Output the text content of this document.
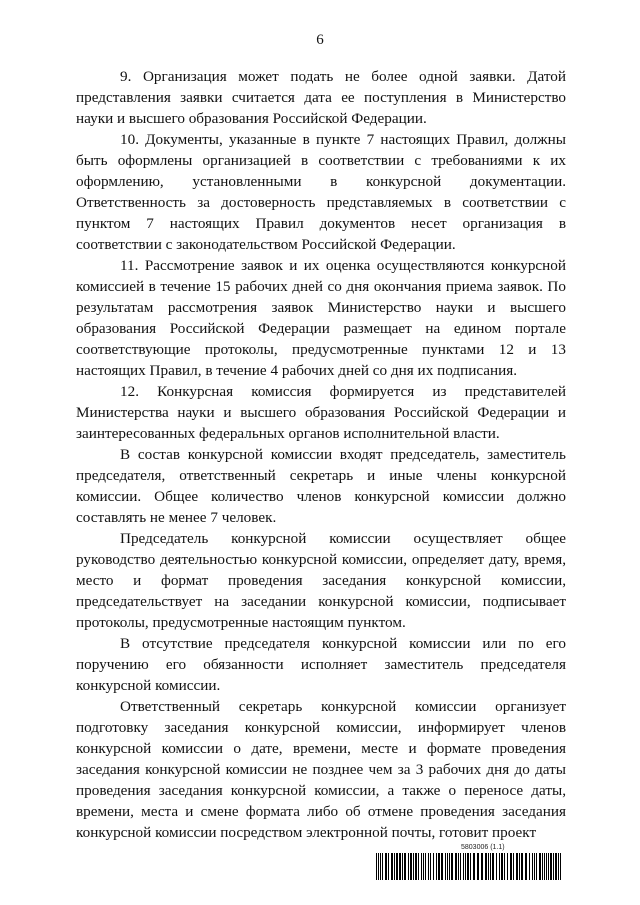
6

9. Организация может подать не более одной заявки. Датой представления заявки считается дата ее поступления в Министерство науки и высшего образования Российской Федерации.

10. Документы, указанные в пункте 7 настоящих Правил, должны быть оформлены организацией в соответствии с требованиями к их оформлению, установленными в конкурсной документации. Ответственность за достоверность представляемых в соответствии с пунктом 7 настоящих Правил документов несет организация в соответствии с законодательством Российской Федерации.

11. Рассмотрение заявок и их оценка осуществляются конкурсной комиссией в течение 15 рабочих дней со дня окончания приема заявок. По результатам рассмотрения заявок Министерство науки и высшего образования Российской Федерации размещает на едином портале соответствующие протоколы, предусмотренные пунктами 12 и 13 настоящих Правил, в течение 4 рабочих дней со дня их подписания.

12. Конкурсная комиссия формируется из представителей Министерства науки и высшего образования Российской Федерации и заинтересованных федеральных органов исполнительной власти.

В состав конкурсной комиссии входят председатель, заместитель председателя, ответственный секретарь и иные члены конкурсной комиссии. Общее количество членов конкурсной комиссии должно составлять не менее 7 человек.

Председатель конкурсной комиссии осуществляет общее руководство деятельностью конкурсной комиссии, определяет дату, время, место и формат проведения заседания конкурсной комиссии, председательствует на заседании конкурсной комиссии, подписывает протоколы, предусмотренные настоящим пунктом.

В отсутствие председателя конкурсной комиссии или по его поручению его обязанности исполняет заместитель председателя конкурсной комиссии.

Ответственный секретарь конкурсной комиссии организует подготовку заседания конкурсной комиссии, информирует членов конкурсной комиссии о дате, времени, месте и формате проведения заседания конкурсной комиссии не позднее чем за 3 рабочих дня до даты проведения заседания конкурсной комиссии, а также о переносе даты, времени, места и смене формата либо об отмене проведения заседания конкурсной комиссии посредством электронной почты, готовит проект

5803006 (1.1)
